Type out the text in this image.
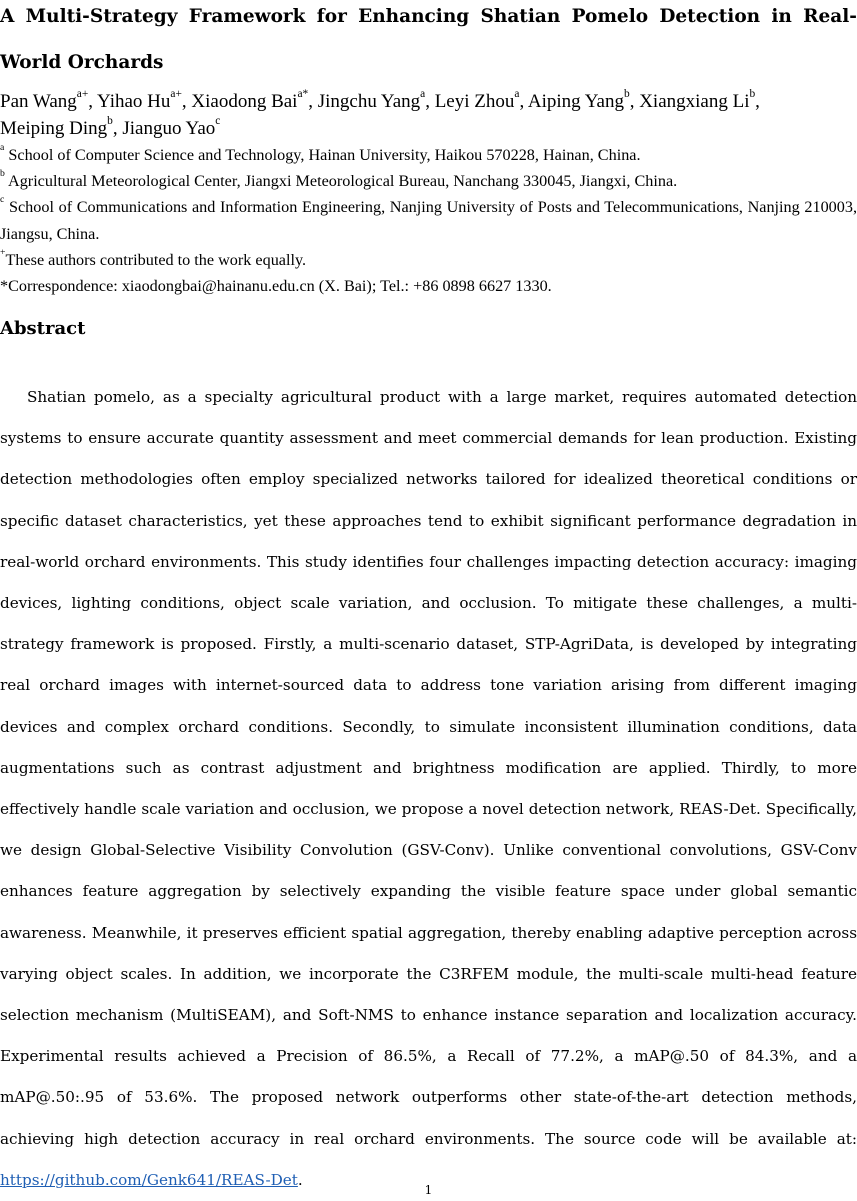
A Multi-Strategy Framework for Enhancing Shatian Pomelo Detection in Real-World Orchards
Pan Wang$^{a+}$, Yihao $Hu^{a+}$, Xiaodong Bai$^{a*}$, Jingchu Yang$^a$, Leyi Zhou$^a$, Aiping Yang$^b$, Xiangxiang Li$^b$,
Meiping Ding$^b$, Jianguo Yao$^c$
$^a$ School of Computer Science and Technology, Hainan University, Haikou 570228, Hainan, China.
$^b$ Agricultural Meteorological Center, Jiangxi Meteorological Bureau, Nanchang 330045, Jiangxi, China.
$^c$ School of Communications and Information Engineering, Nanjing University of Posts and Telecommunications, Nanjing 210003, Jiangsu, China.
+These authors contributed to the work equally.
*Correspondence: xiaodongbai@hainanu.edu.cn (X. Bai); Tel.: +86 0898 6627 1330.
Abstract

Shatian pomelo, as a specialty agricultural product with a large market, requires automated detection systems to ensure accurate quantity assessment and meet commercial demands for lean production. Existing detection methodologies often employ specialized networks tailored for idealized theoretical conditions or specific dataset characteristics, yet these approaches tend to exhibit significant performance degradation in real-world orchard environments. This study identifies four challenges impacting detection accuracy: imaging devices, lighting conditions, object scale variation, and occlusion. To mitigate these challenges, a multi-strategy framework is proposed. Firstly, a multi-scenario dataset, STP-AgriData, is developed by integrating real orchard images with internet-sourced data to address tone variation arising from different imaging devices and complex orchard conditions. Secondly, to simulate inconsistent illumination conditions, data augmentations such as contrast adjustment and brightness modification are applied. Thirdly, to more effectively handle scale variation and occlusion, we propose a novel detection network, REAS-Det. Specifically, we design Global-Selective Visibility Convolution (GSV-Conv). Unlike conventional convolutions, GSV-Conv enhances feature aggregation by selectively expanding the visible feature space under global semantic awareness. Meanwhile, it preserves efficient spatial aggregation, thereby enabling adaptive perception across varying object scales. In addition, we incorporate the C3RFEM module, the multi-scale multi-head feature selection mechanism (MultiSEAM), and Soft-NMS to enhance instance separation and localization accuracy. Experimental results achieved a Precision of 86.5%, a Recall of 77.2%, a mAP@.50 of 84.3%, and a mAP@.50:.95 of 53.6%. The proposed network outperforms other state-of-the-art detection methods, achieving high detection accuracy in real orchard environments. The source code will be available at: https://github.com/Genk641/REAS-Det.

1
